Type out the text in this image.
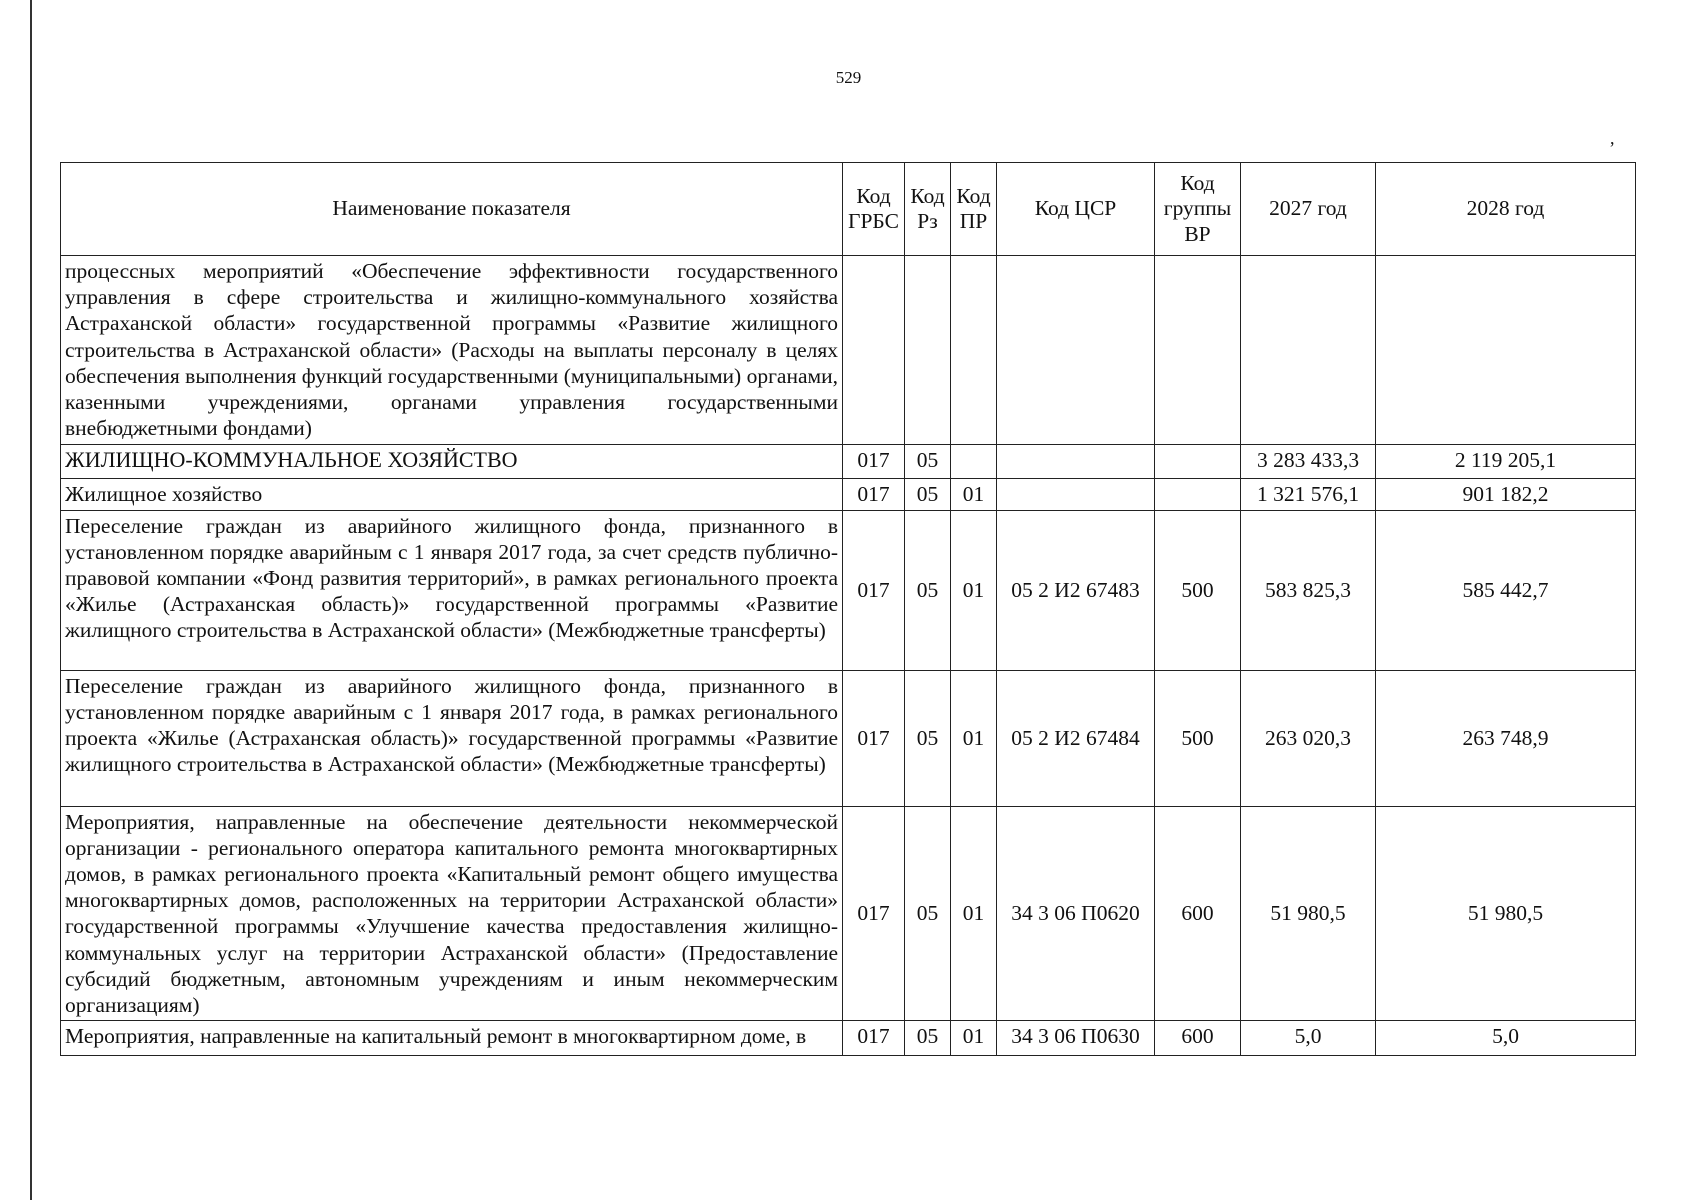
529
,
Наименование показателя	Код ГРБС	Код Рз	Код ПР	Код ЦСР	Код группы ВР	2027 год	2028 год
процессных мероприятий «Обеспечение эффективности государственного управления в сфере строительства и жилищно-коммунального хозяйства Астраханской области» государственной программы «Развитие жилищного строительства в Астраханской области» (Расходы на выплаты персоналу в целях обеспечения выполнения функций государственными (муниципальными) органами, казенными учреждениями, органами управления государственными внебюджетными фондами)							
ЖИЛИЩНО-КОММУНАЛЬНОЕ ХОЗЯЙСТВО	017	05				3 283 433,3	2 119 205,1
Жилищное хозяйство	017	05	01			1 321 576,1	901 182,2
Переселение граждан из аварийного жилищного фонда, признанного в установленном порядке аварийным с 1 января 2017 года, за счет средств публично-правовой компании «Фонд развития территорий», в рамках регионального проекта «Жилье (Астраханская область)» государственной программы «Развитие жилищного строительства в Астраханской области» (Межбюджетные трансферты)	017	05	01	05 2 И2 67483	500	583 825,3	585 442,7
Переселение граждан из аварийного жилищного фонда, признанного в установленном порядке аварийным с 1 января 2017 года, в рамках регионального проекта «Жилье (Астраханская область)» государственной программы «Развитие жилищного строительства в Астраханской области» (Межбюджетные трансферты)	017	05	01	05 2 И2 67484	500	263 020,3	263 748,9
Мероприятия, направленные на обеспечение деятельности некоммерческой организации - регионального оператора капитального ремонта многоквартирных домов, в рамках регионального проекта «Капитальный ремонт общего имущества многоквартирных домов, расположенных на территории Астраханской области» государственной программы «Улучшение качества предоставления жилищно-коммунальных услуг на территории Астраханской области» (Предоставление субсидий бюджетным, автономным учреждениям и иным некоммерческим организациям)	017	05	01	34 3 06 П0620	600	51 980,5	51 980,5
Мероприятия, направленные на капитальный ремонт в многоквартирном доме, в	017	05	01	34 3 06 П0630	600	5,0	5,0
